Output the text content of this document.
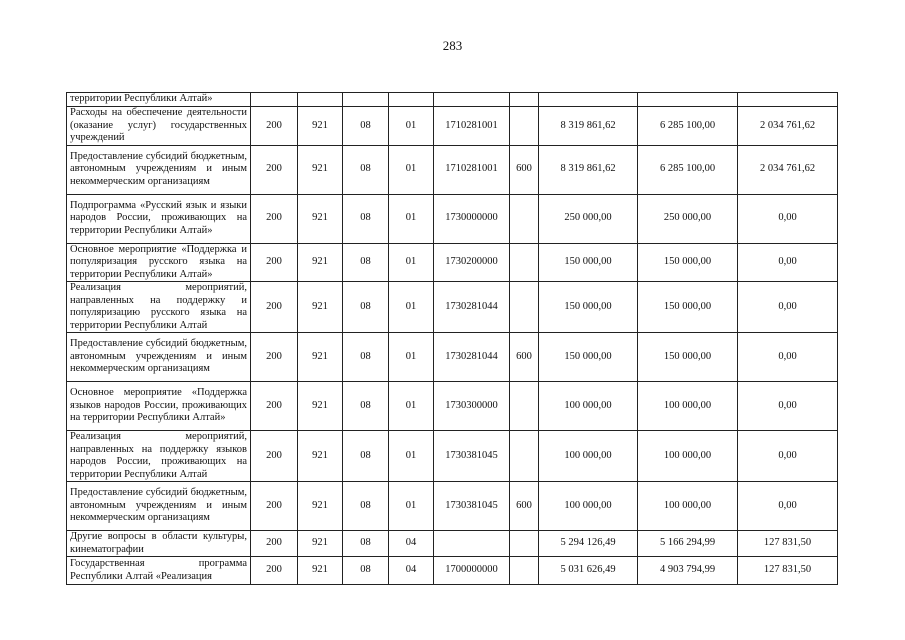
283
территории Республики Алтай»									
Расходы на обеспечение деятельности (оказание услуг) государственных учреждений	200	921	08	01	1710281001		8 319 861,62	6 285 100,00	2 034 761,62
Предоставление субсидий бюджетным, автономным учреждениям и иным некоммерческим организациям	200	921	08	01	1710281001	600	8 319 861,62	6 285 100,00	2 034 761,62
Подпрограмма «Русский язык и языки народов России, проживающих на территории Республики Алтай»	200	921	08	01	1730000000		250 000,00	250 000,00	0,00
Основное мероприятие «Поддержка и популяризация русского языка на территории Республики Алтай»	200	921	08	01	1730200000		150 000,00	150 000,00	0,00
Реализация мероприятий, направленных на поддержку и популяризацию русского языка на территории Республики Алтай	200	921	08	01	1730281044		150 000,00	150 000,00	0,00
Предоставление субсидий бюджетным, автономным учреждениям и иным некоммерческим организациям	200	921	08	01	1730281044	600	150 000,00	150 000,00	0,00
Основное мероприятие «Поддержка языков народов России, проживающих на территории Республики Алтай»	200	921	08	01	1730300000		100 000,00	100 000,00	0,00
Реализация мероприятий, направленных на поддержку языков народов России, проживающих на территории Республики Алтай	200	921	08	01	1730381045		100 000,00	100 000,00	0,00
Предоставление субсидий бюджетным, автономным учреждениям и иным некоммерческим организациям	200	921	08	01	1730381045	600	100 000,00	100 000,00	0,00
Другие вопросы в области культуры, кинематографии	200	921	08	04			5 294 126,49	5 166 294,99	127 831,50
Государственная программа Республики Алтай «Реализация	200	921	08	04	1700000000		5 031 626,49	4 903 794,99	127 831,50
